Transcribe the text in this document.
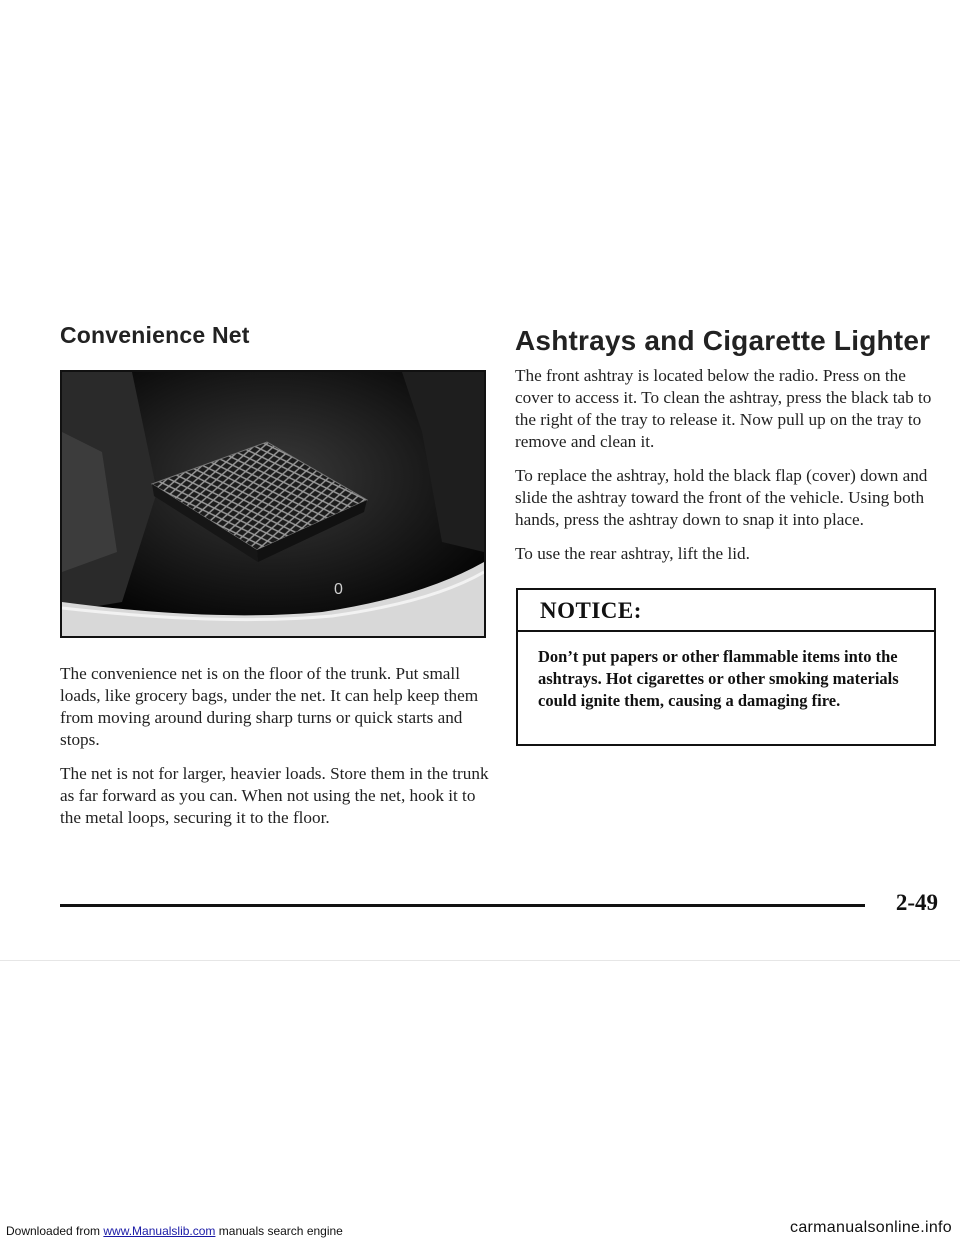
Convenience Net
0

The convenience net is on the floor of the trunk. Put small loads, like grocery bags, under the net. It can help keep them from moving around during sharp turns or quick starts and stops.

The net is not for larger, heavier loads. Store them in the trunk as far forward as you can. When not using the net, hook it to the metal loops, securing it to the floor.

Ashtrays and Cigarette Lighter

The front ashtray is located below the radio. Press on the cover to access it. To clean the ashtray, press the black tab to the right of the tray to release it. Now pull up on the tray to remove and clean it.

To replace the ashtray, hold the black flap (cover) down and slide the ashtray toward the front of the vehicle. Using both hands, press the ashtray down to snap it into place.

To use the rear ashtray, lift the lid.

NOTICE:
Don’t put papers or other flammable items into the ashtrays. Hot cigarettes or other smoking materials could ignite them, causing a damaging fire.
2-49
Downloaded from www.Manualslib.com manuals search engine	carmanualsonline.info
